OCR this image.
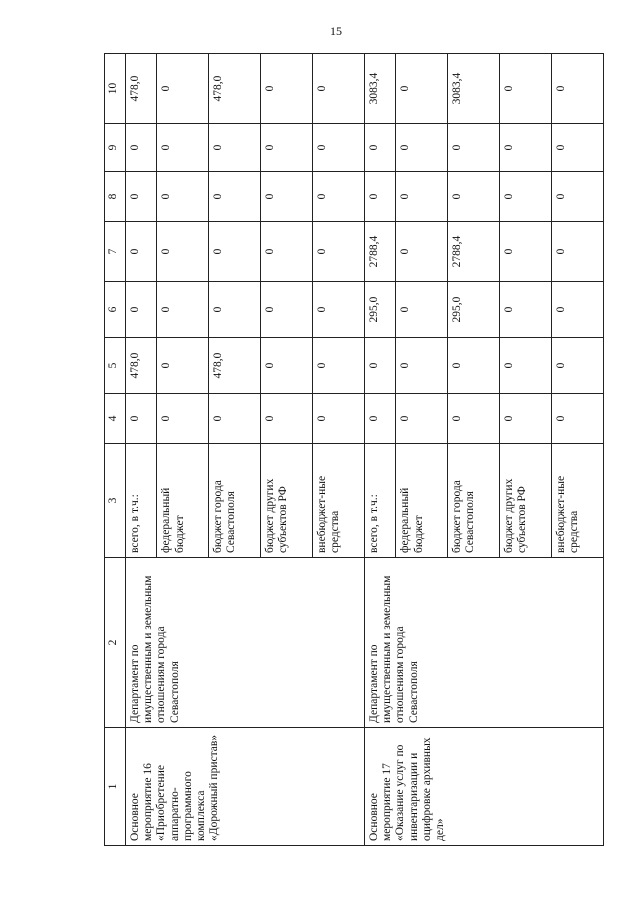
15
1	2	3	4	5	6	7	8	9	10
Основное мероприятие 16 «Приобретение аппаратно-программного комплекса «Дорожный пристав»	Департамент по имущественным и земельным отношениям города Севастополя	всего, в т.ч.:	0	478,0	0	0	0	0	478,0
		федеральный бюджет	0	0	0	0	0	0	0
		бюджет города Севастополя	0	478,0	0	0	0	0	478,0
		бюджет других субъектов РФ	0	0	0	0	0	0	0
		внебюджет-ные средства	0	0	0	0	0	0	0
Основное мероприятие 17 «Оказание услуг по инвентаризации и оцифровке архивных дел»	Департамент по имущественным и земельным отношениям города Севастополя	всего, в т.ч.:	0	0	295,0	2788,4	0	0	3083,4
		федеральный бюджет	0	0	0	0	0	0	0
		бюджет города Севастополя	0	0	295,0	2788,4	0	0	3083,4
		бюджет других субъектов РФ	0	0	0	0	0	0	0
		внебюджет-ные средства	0	0	0	0	0	0	0
